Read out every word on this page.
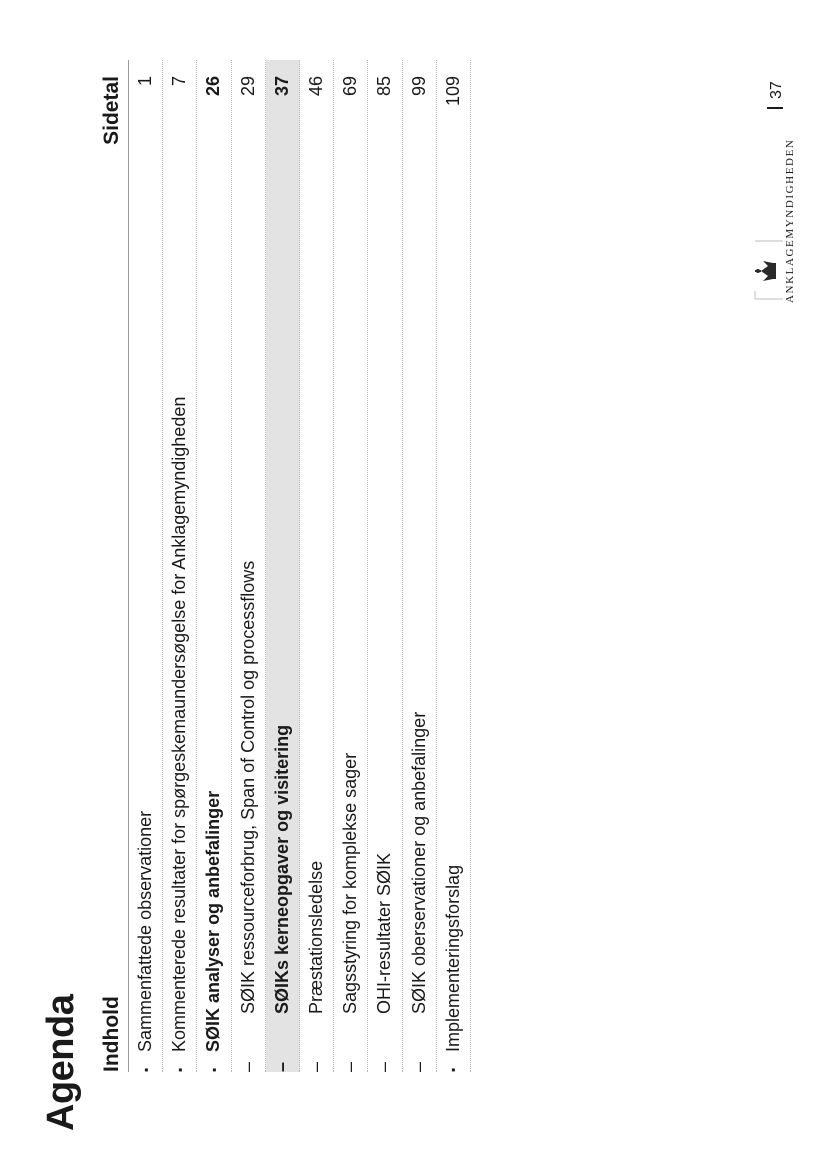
Agenda Indhold
Sidetal
▪
Sammenfattede observationer
1
▪
Kommenterede resultater for spørgeskemaundersøgelse for Anklagemyndigheden
7
▪
SØIK analyser og anbefalinger
26
–
SØIK ressourceforbrug, Span of Control og processflows
29
–
SØIKs kerneopgaver og visitering
37
–
Præstationsledelse
46
–
Sagsstyring for komplekse sager
69
–
OHI-resultater SØIK
85
–
SØIK oberservationer og anbefalinger
99
▪
Implementeringsforslag
109
ANKLAGEMYNDIGHEDEN
37
